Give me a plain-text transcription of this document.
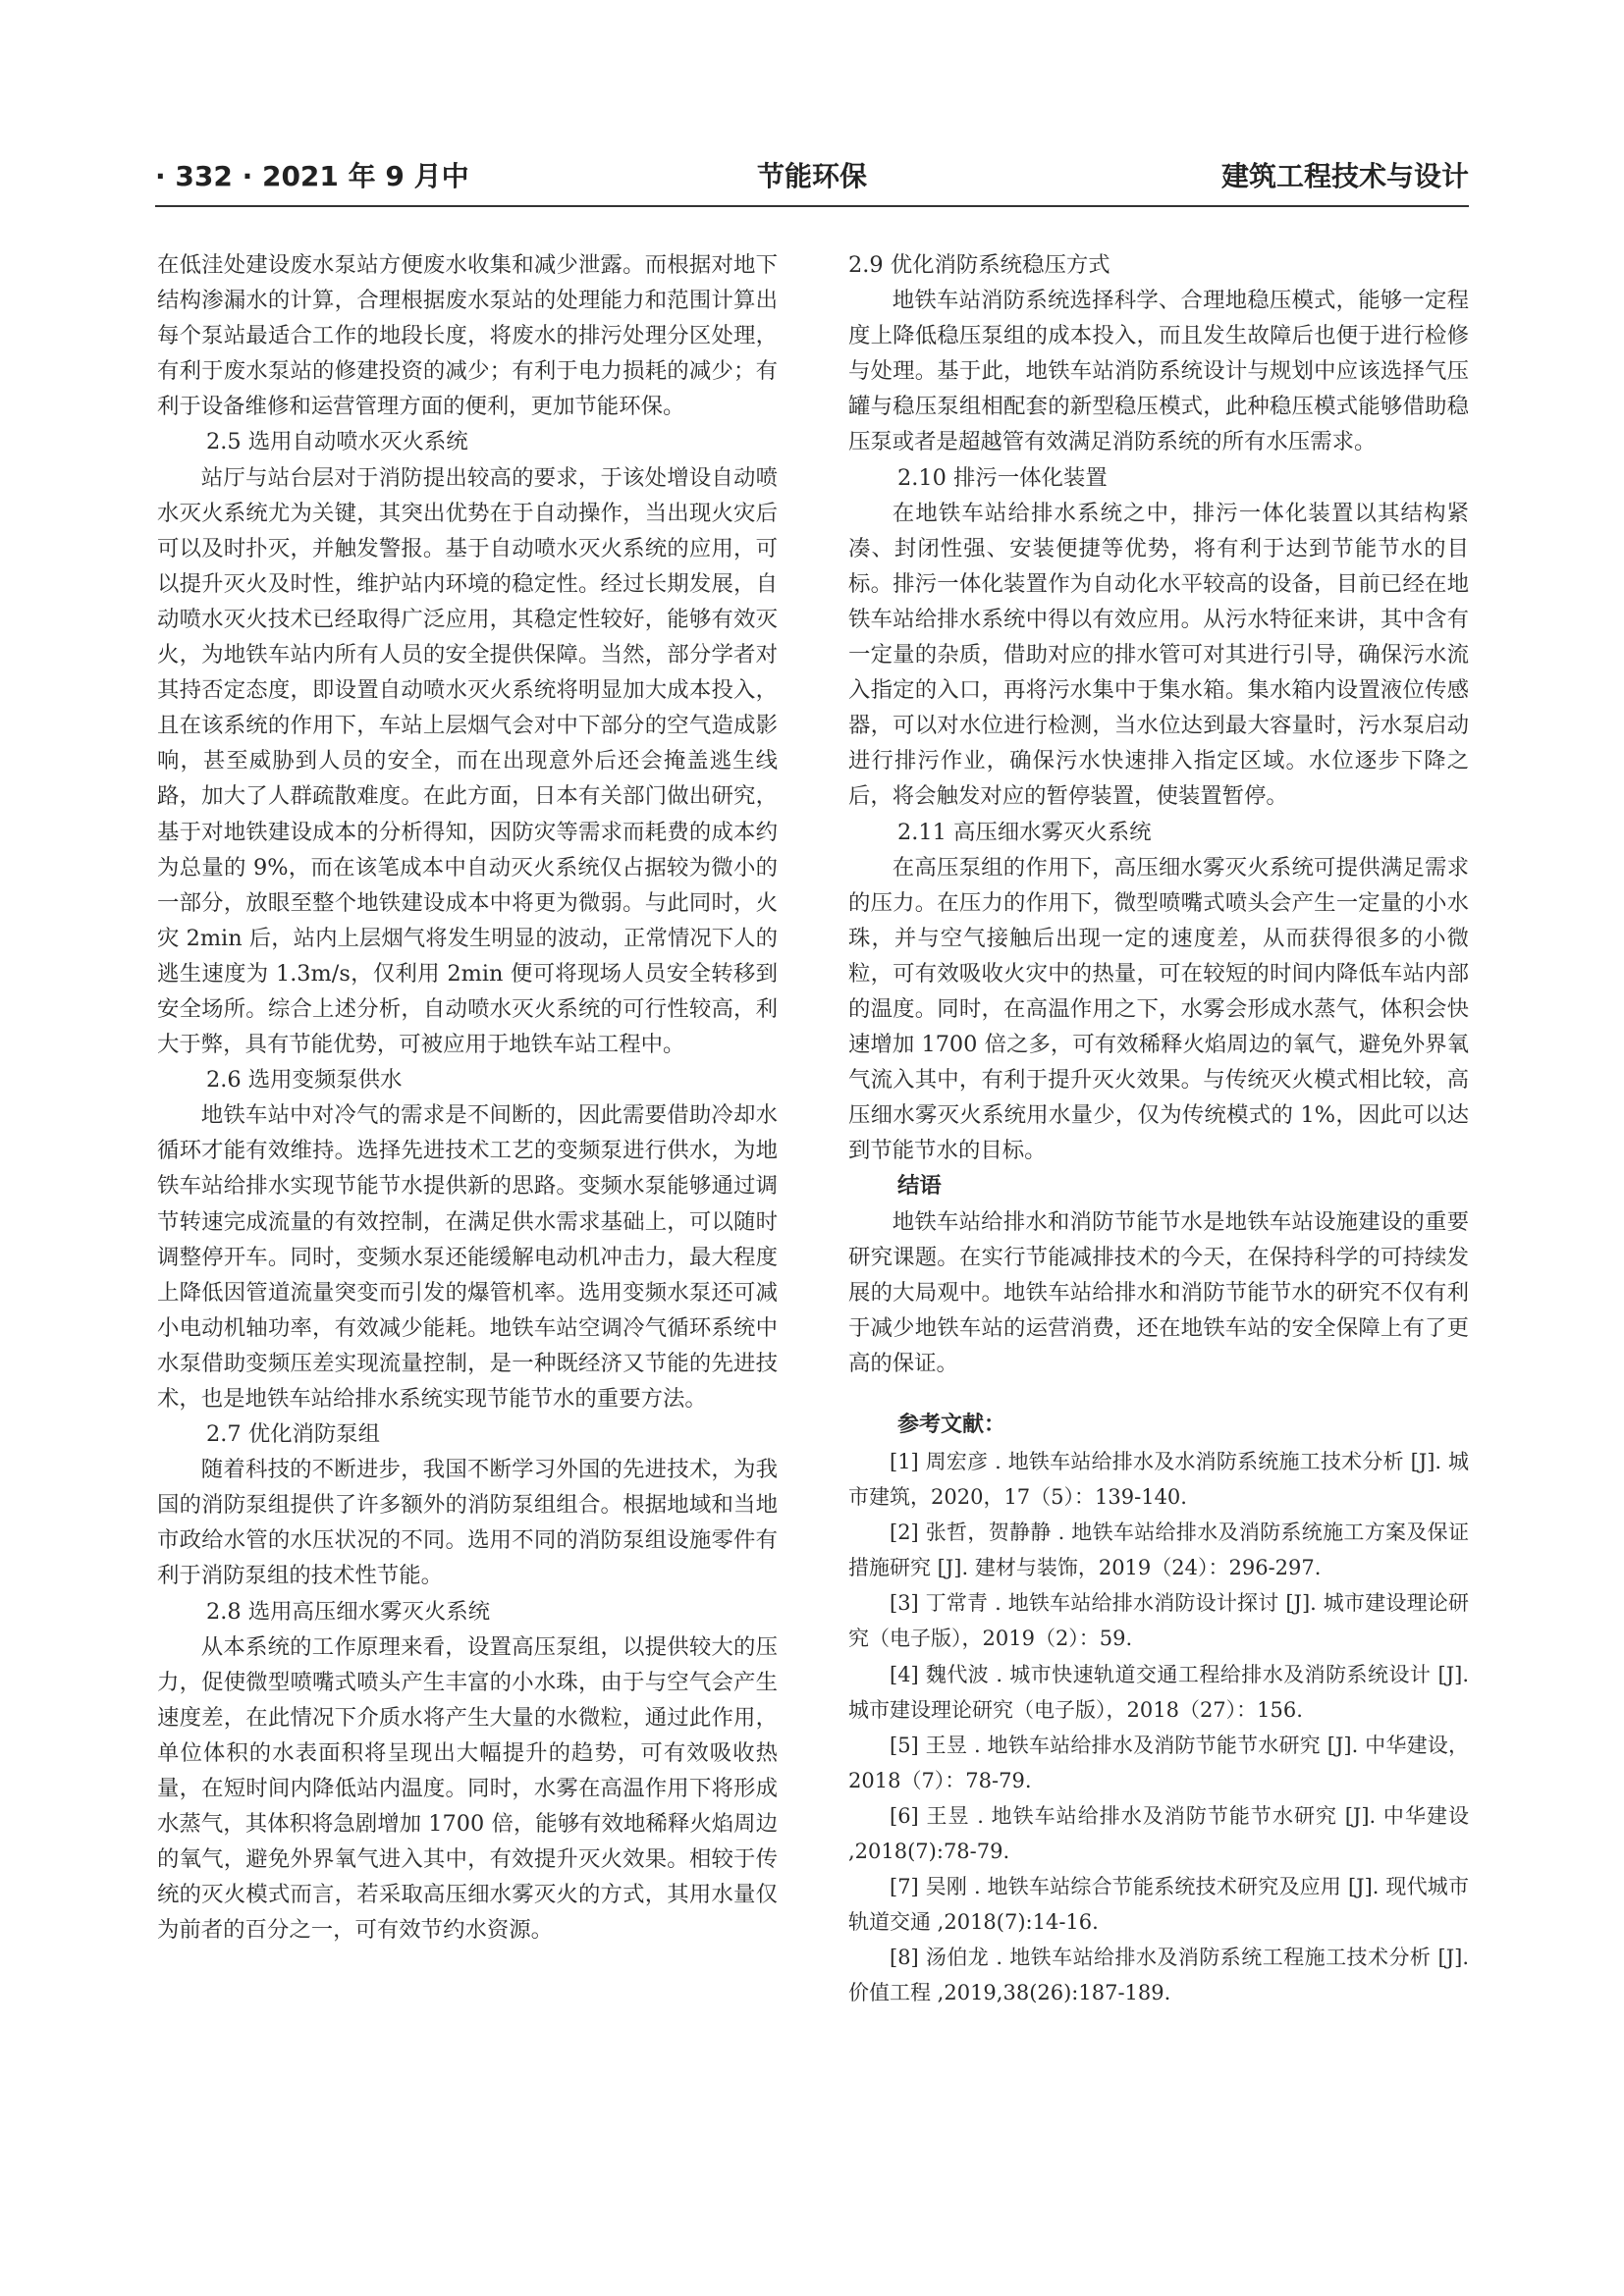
· 332 · 2021 年 9 月中	节能环保	建筑工程技术与设计

在低洼处建设废水泵站方便废水收集和减少泄露。而根据对地下结构渗漏水的计算，合理根据废水泵站的处理能力和范围计算出每个泵站最适合工作的地段长度，将废水的排污处理分区处理，有利于废水泵站的修建投资的减少；有利于电力损耗的减少；有利于设备维修和运营管理方面的便利，更加节能环保。

2.5 选用自动喷水灭火系统

站厅与站台层对于消防提出较高的要求，于该处增设自动喷水灭火系统尤为关键，其突出优势在于自动操作，当出现火灾后可以及时扑灭，并触发警报。基于自动喷水灭火系统的应用，可以提升灭火及时性，维护站内环境的稳定性。经过长期发展，自动喷水灭火技术已经取得广泛应用，其稳定性较好，能够有效灭火，为地铁车站内所有人员的安全提供保障。当然，部分学者对其持否定态度，即设置自动喷水灭火系统将明显加大成本投入，且在该系统的作用下，车站上层烟气会对中下部分的空气造成影响，甚至威胁到人员的安全，而在出现意外后还会掩盖逃生线路，加大了人群疏散难度。在此方面，日本有关部门做出研究，基于对地铁建设成本的分析得知，因防灾等需求而耗费的成本约为总量的 9%，而在该笔成本中自动灭火系统仅占据较为微小的一部分，放眼至整个地铁建设成本中将更为微弱。与此同时，火灾 2min 后，站内上层烟气将发生明显的波动，正常情况下人的逃生速度为 1.3m/s，仅利用 2min 便可将现场人员安全转移到安全场所。综合上述分析，自动喷水灭火系统的可行性较高，利大于弊，具有节能优势，可被应用于地铁车站工程中。

2.6 选用变频泵供水

地铁车站中对冷气的需求是不间断的，因此需要借助冷却水循环才能有效维持。选择先进技术工艺的变频泵进行供水，为地铁车站给排水实现节能节水提供新的思路。变频水泵能够通过调节转速完成流量的有效控制，在满足供水需求基础上，可以随时调整停开车。同时，变频水泵还能缓解电动机冲击力，最大程度上降低因管道流量突变而引发的爆管机率。选用变频水泵还可减小电动机轴功率，有效减少能耗。地铁车站空调冷气循环系统中水泵借助变频压差实现流量控制，是一种既经济又节能的先进技术，也是地铁车站给排水系统实现节能节水的重要方法。

2.7 优化消防泵组

随着科技的不断进步，我国不断学习外国的先进技术，为我国的消防泵组提供了许多额外的消防泵组组合。根据地域和当地市政给水管的水压状况的不同。选用不同的消防泵组设施零件有利于消防泵组的技术性节能。

2.8 选用高压细水雾灭火系统

从本系统的工作原理来看，设置高压泵组，以提供较大的压力，促使微型喷嘴式喷头产生丰富的小水珠，由于与空气会产生速度差，在此情况下介质水将产生大量的水微粒，通过此作用，单位体积的水表面积将呈现出大幅提升的趋势，可有效吸收热量，在短时间内降低站内温度。同时，水雾在高温作用下将形成水蒸气，其体积将急剧增加 1700 倍，能够有效地稀释火焰周边的氧气，避免外界氧气进入其中，有效提升灭火效果。相较于传统的灭火模式而言，若采取高压细水雾灭火的方式，其用水量仅为前者的百分之一，可有效节约水资源。

2.9 优化消防系统稳压方式

地铁车站消防系统选择科学、合理地稳压模式，能够一定程度上降低稳压泵组的成本投入，而且发生故障后也便于进行检修与处理。基于此，地铁车站消防系统设计与规划中应该选择气压罐与稳压泵组相配套的新型稳压模式，此种稳压模式能够借助稳压泵或者是超越管有效满足消防系统的所有水压需求。

2.10 排污一体化装置

在地铁车站给排水系统之中，排污一体化装置以其结构紧凑、封闭性强、安装便捷等优势，将有利于达到节能节水的目标。排污一体化装置作为自动化水平较高的设备，目前已经在地铁车站给排水系统中得以有效应用。从污水特征来讲，其中含有一定量的杂质，借助对应的排水管可对其进行引导，确保污水流入指定的入口，再将污水集中于集水箱。集水箱内设置液位传感器，可以对水位进行检测，当水位达到最大容量时，污水泵启动进行排污作业，确保污水快速排入指定区域。水位逐步下降之后，将会触发对应的暂停装置，使装置暂停。

2.11 高压细水雾灭火系统

在高压泵组的作用下，高压细水雾灭火系统可提供满足需求的压力。在压力的作用下，微型喷嘴式喷头会产生一定量的小水珠，并与空气接触后出现一定的速度差，从而获得很多的小微粒，可有效吸收火灾中的热量，可在较短的时间内降低车站内部的温度。同时，在高温作用之下，水雾会形成水蒸气，体积会快速增加 1700 倍之多，可有效稀释火焰周边的氧气，避免外界氧气流入其中，有利于提升灭火效果。与传统灭火模式相比较，高压细水雾灭火系统用水量少，仅为传统模式的 1%，因此可以达到节能节水的目标。

结语

地铁车站给排水和消防节能节水是地铁车站设施建设的重要研究课题。在实行节能减排技术的今天，在保持科学的可持续发展的大局观中。地铁车站给排水和消防节能节水的研究不仅有利于减少地铁车站的运营消费，还在地铁车站的安全保障上有了更高的保证。

参考文献：

[1] 周宏彦 . 地铁车站给排水及水消防系统施工技术分析 [J]. 城市建筑，2020，17（5）：139-140.

[2] 张哲，贺静静 . 地铁车站给排水及消防系统施工方案及保证措施研究 [J]. 建材与装饰，2019（24）：296-297.

[3] 丁常青 . 地铁车站给排水消防设计探讨 [J]. 城市建设理论研究（电子版），2019（2）：59.

[4] 魏代波 . 城市快速轨道交通工程给排水及消防系统设计 [J]. 城市建设理论研究（电子版），2018（27）：156.

[5] 王昱 . 地铁车站给排水及消防节能节水研究 [J]. 中华建设，2018（7）：78-79.

[6] 王昱 . 地铁车站给排水及消防节能节水研究 [J]. 中华建设 ,2018(7):78-79.

[7] 吴刚 . 地铁车站综合节能系统技术研究及应用 [J]. 现代城市轨道交通 ,2018(7):14-16.

[8] 汤伯龙 . 地铁车站给排水及消防系统工程施工技术分析 [J]. 价值工程 ,2019,38(26):187-189.
